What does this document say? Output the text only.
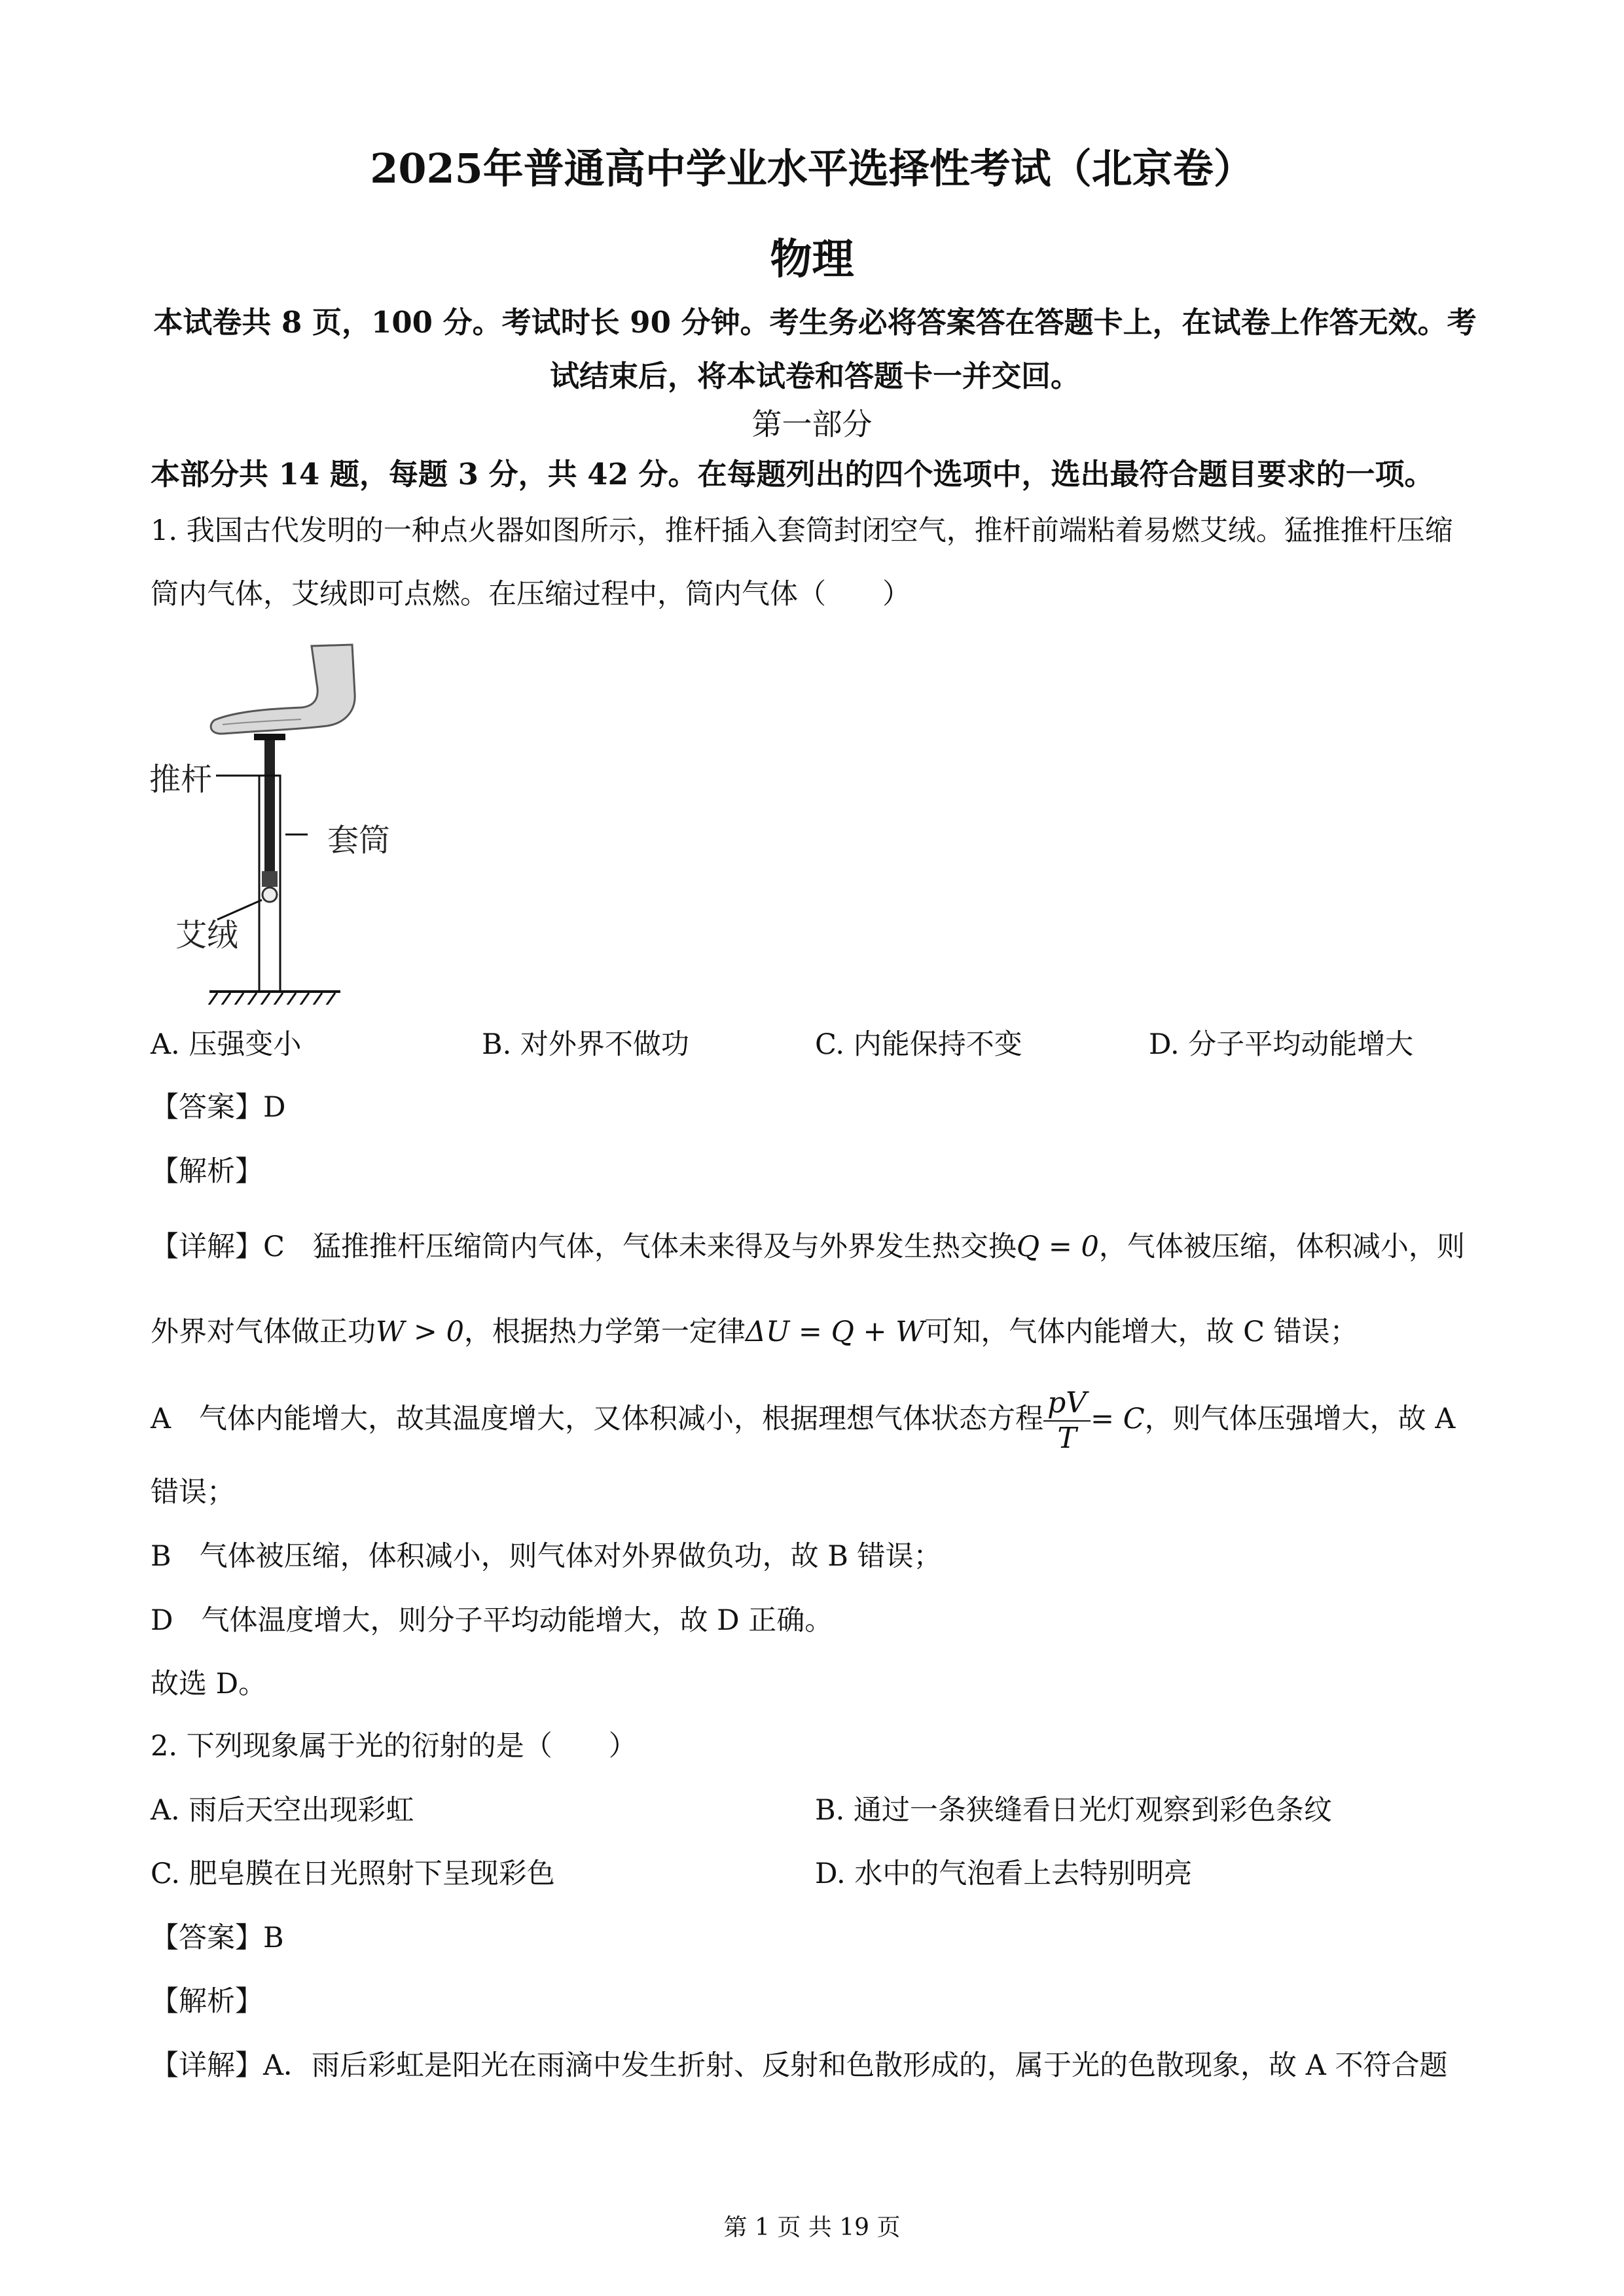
2025年普通高中学业水平选择性考试（北京卷）
物理
本试卷共 8 页，100 分。考试时长 90 分钟。考生务必将答案答在答题卡上，在试卷上作答无效。考试结束后，将本试卷和答题卡一并交回。
第一部分
本部分共 14 题，每题 3 分，共 42 分。在每题列出的四个选项中，选出最符合题目要求的一项。
1. 我国古代发明的一种点火器如图所示，推杆插入套筒封闭空气，推杆前端粘着易燃艾绒。猛推推杆压缩
筒内气体，艾绒即可点燃。在压缩过程中，筒内气体（　　）
推杆
套筒
艾绒
A. 压强变小	B. 对外界不做功	C. 内能保持不变	D. 分子平均动能增大
【答案】D
【解析】
【详解】C　猛推推杆压缩筒内气体，气体未来得及与外界发生热交换Q = 0，气体被压缩，体积减小，则
外界对气体做正功W > 0，根据热力学第一定律ΔU = Q + W可知，气体内能增大，故 C 错误；
A　气体内能增大，故其温度增大，又体积减小，根据理想气体状态方程 $\frac{pV}{T} = C$，则气体压强增大，故 A
错误；
B　气体被压缩，体积减小，则气体对外界做负功，故 B 错误；
D　气体温度增大，则分子平均动能增大，故 D 正确。
故选 D。
2. 下列现象属于光的衍射的是（　　）
A. 雨后天空出现彩虹	B. 通过一条狭缝看日光灯观察到彩色条纹
C. 肥皂膜在日光照射下呈现彩色	D. 水中的气泡看上去特别明亮
【答案】B
【解析】
【详解】A．雨后彩虹是阳光在雨滴中发生折射、反射和色散形成的，属于光的色散现象，故 A 不符合题
第 1 页 共 19 页
